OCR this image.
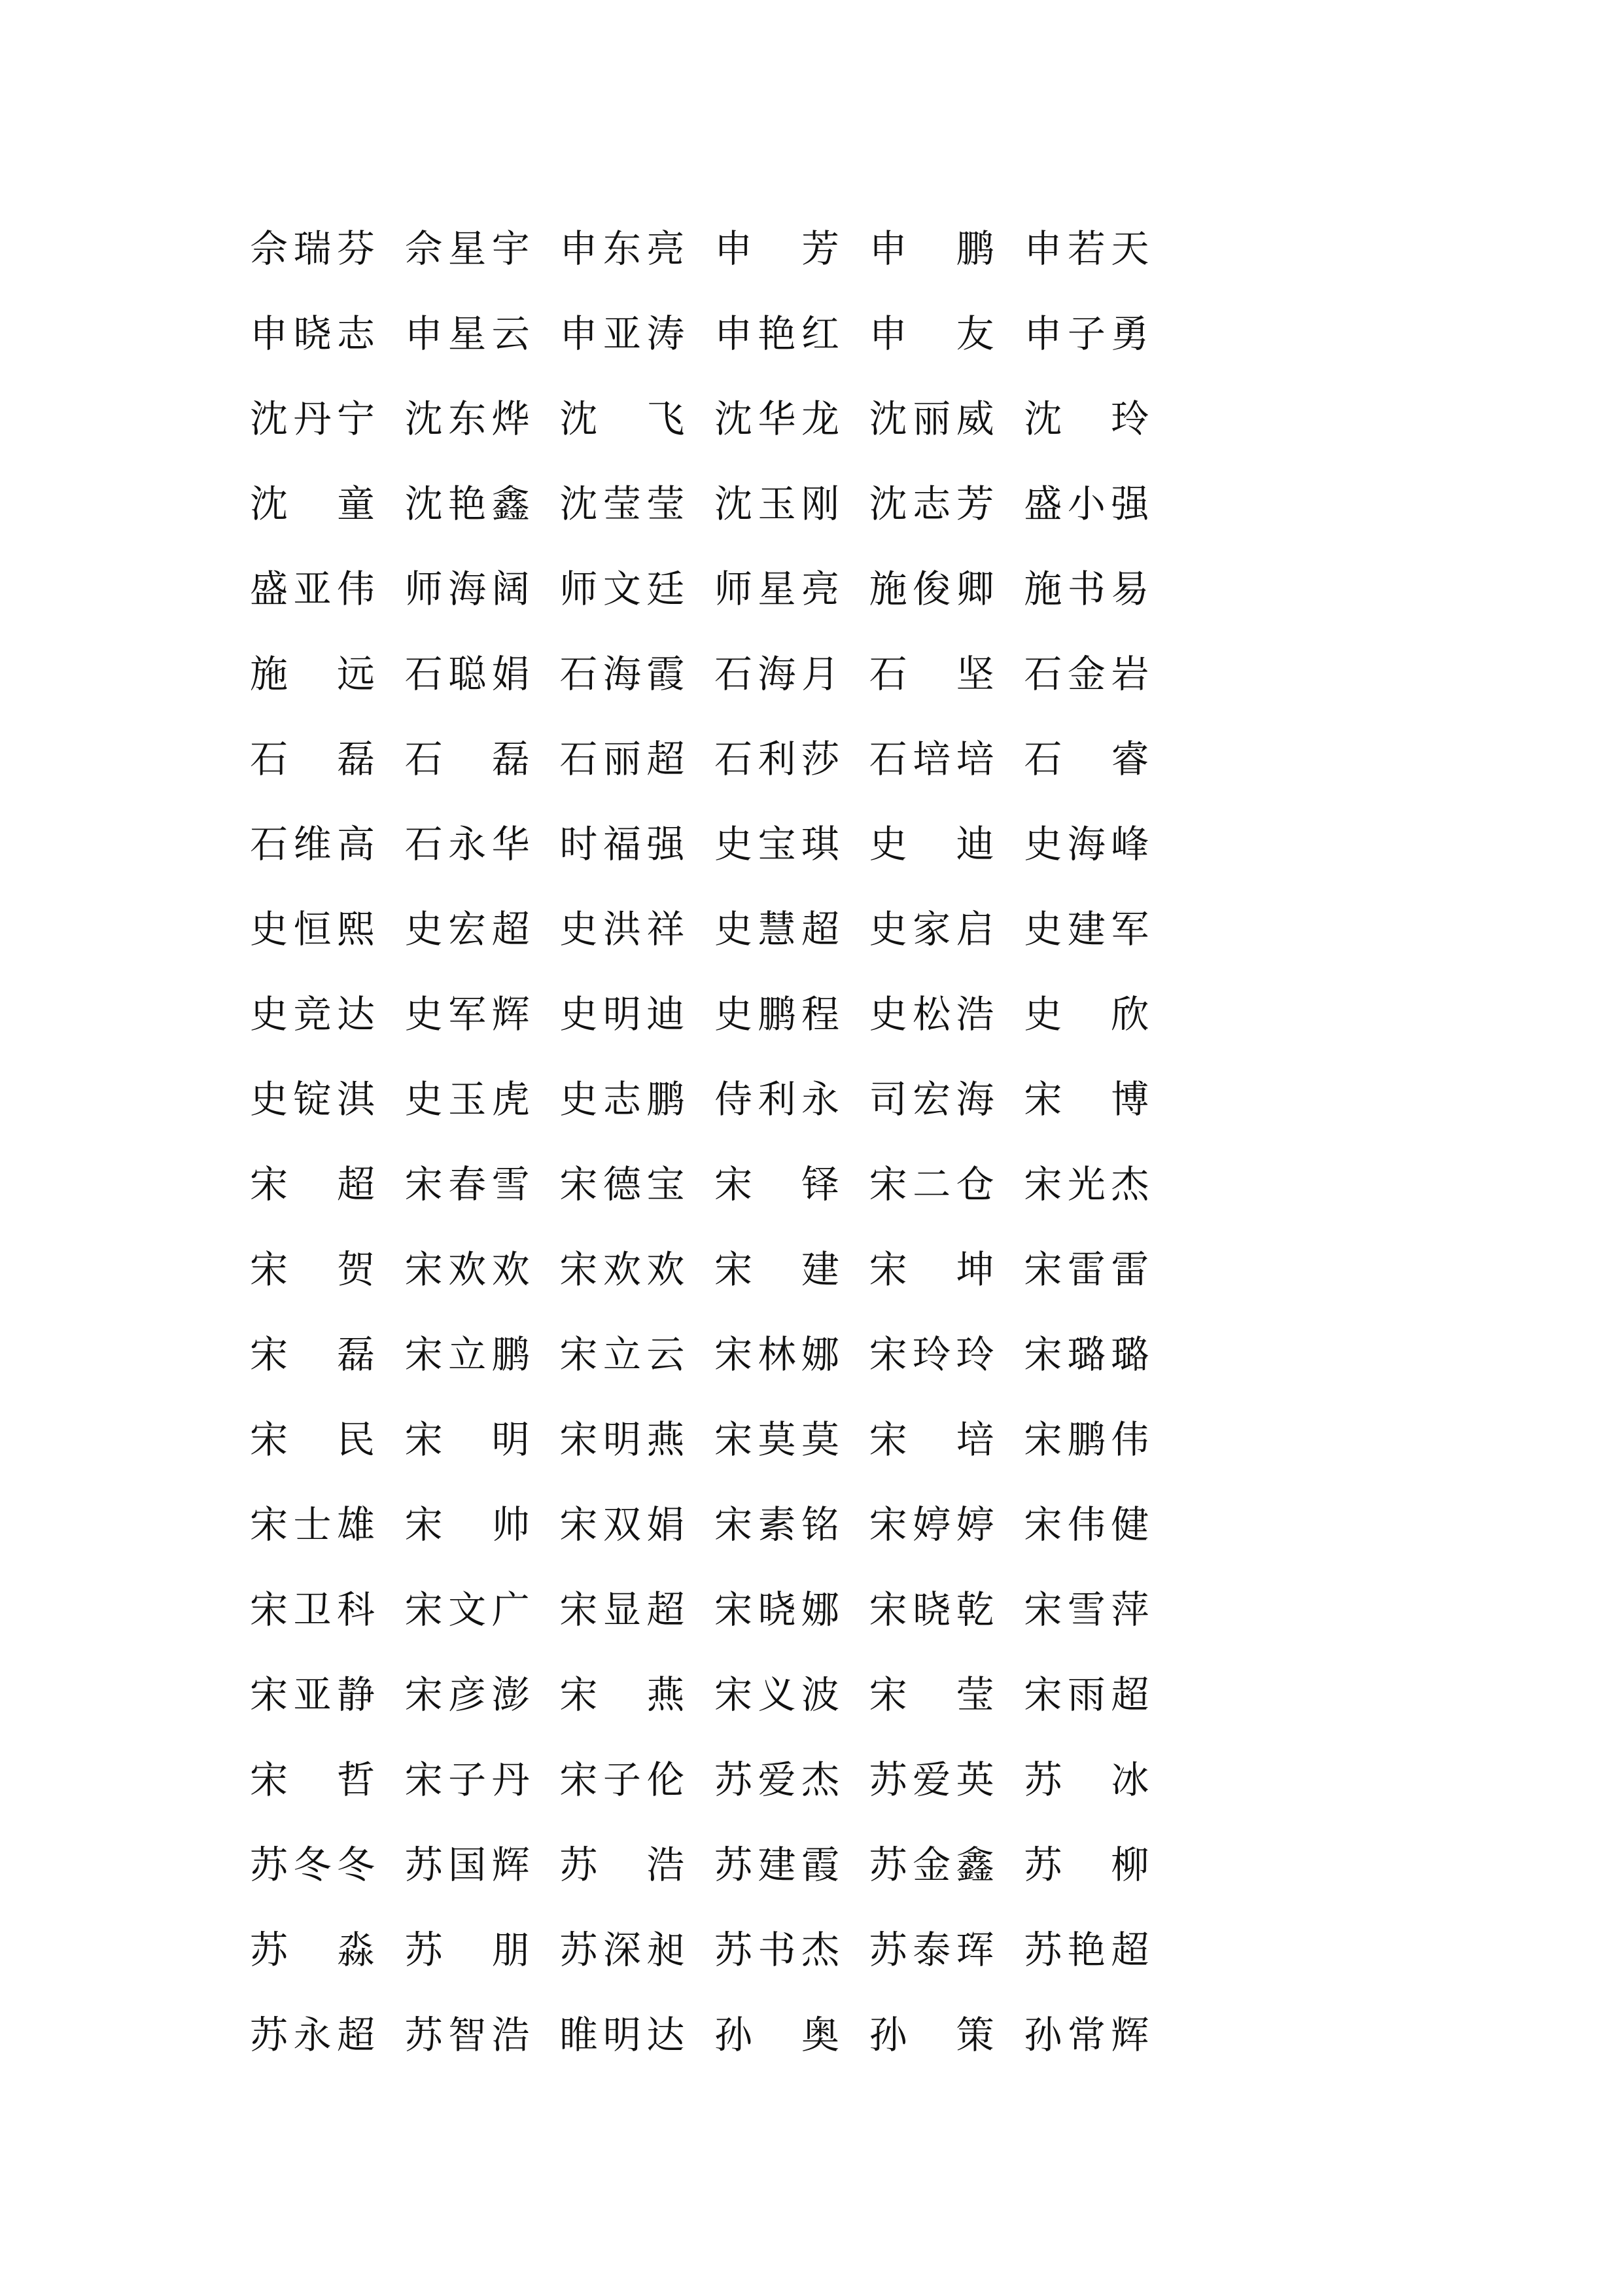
佘 瑞 芬 佘 星 宇 申 东 亮 申
芳 申
鹏 申 若 天
申 晓 志 申 星 云 申 亚 涛 申 艳 红 申
友 申 子 勇
沈 丹 宁 沈 东 烨 沈
飞 沈 华 龙 沈 丽 威 沈
玲
沈
童 沈 艳 鑫 沈 莹 莹 沈 玉 刚 沈 志 芳 盛 小 强
盛 亚 伟 师 海 阔 师 文 廷 师 星 亮 施 俊 卿 施 书 易
施
远 石 聪 娟 石 海 霞 石 海 月 石
坚 石 金 岩
石
磊 石
磊 石 丽 超 石 利 莎 石 培 培 石
睿
石 维 高 石 永 华 时 福 强 史 宝 琪 史
迪 史 海 峰
史 恒 熙 史 宏 超 史 洪 祥 史 慧 超 史 家 启 史 建 军
史 竞 达 史 军 辉 史 明 迪 史 鹏 程 史 松 浩 史
欣
史 锭 淇 史 玉 虎 史 志 鹏 侍 利 永 司 宏 海 宋
博
宋
超 宋 春 雪 宋 德 宝 宋
铎 宋 二 仓 宋 光 杰
宋
贺 宋 欢 欢 宋 欢 欢 宋
建 宋
坤 宋 雷 雷
宋
磊 宋 立 鹏 宋 立 云 宋 林 娜 宋 玲 玲 宋 璐 璐
宋
民 宋
明 宋 明 燕 宋 莫 莫 宋
培 宋 鹏 伟
宋 士 雄 宋
帅 宋 双 娟 宋 素 铭 宋 婷 婷 宋 伟 健
宋 卫 科 宋 文 广 宋 显 超 宋 晓 娜 宋 晓 乾 宋 雪 萍
宋 亚 静 宋 彦 澎 宋
燕 宋 义 波 宋
莹 宋 雨 超
宋
哲 宋 子 丹 宋 子 伦 苏 爱 杰 苏 爱 英 苏
冰
苏 冬 冬 苏 国 辉 苏
浩 苏 建 霞 苏 金 鑫 苏
柳
苏
淼 苏
朋 苏 深 昶 苏 书 杰 苏 泰 珲 苏 艳 超
苏 永 超 苏 智 浩 睢 明 达 孙
奥 孙
策 孙 常 辉
